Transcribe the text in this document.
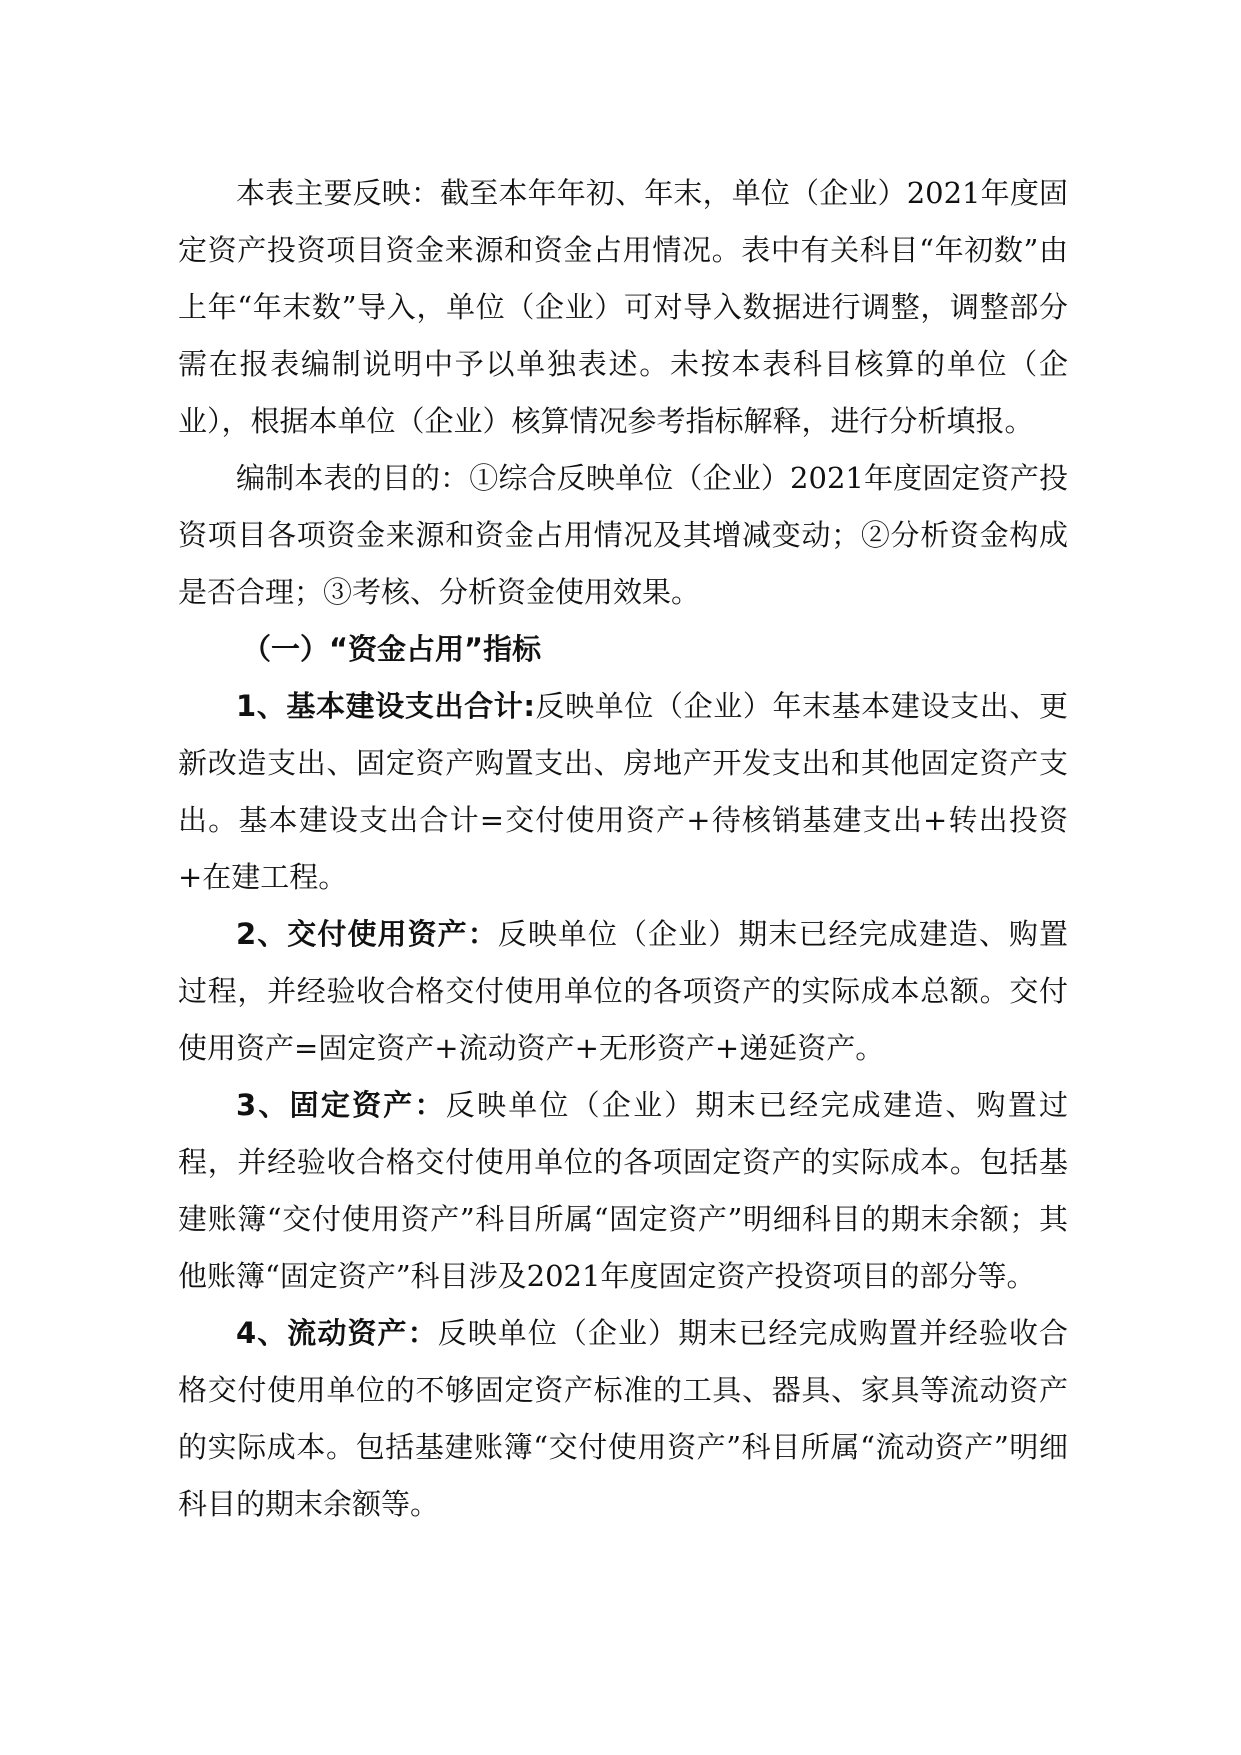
本表主要反映：截至本年年初、年末，单位（企业）2021年度固定资产投资项目资金来源和资金占用情况。表中有关科目“年初数”由上年“年末数”导入，单位（企业）可对导入数据进行调整，调整部分需在报表编制说明中予以单独表述。未按本表科目核算的单位（企业），根据本单位（企业）核算情况参考指标解释，进行分析填报。

编制本表的目的：①综合反映单位（企业）2021年度固定资产投资项目各项资金来源和资金占用情况及其增减变动；②分析资金构成是否合理；③考核、分析资金使用效果。

（一）“资金占用”指标

1、基本建设支出合计:反映单位（企业）年末基本建设支出、更新改造支出、固定资产购置支出、房地产开发支出和其他固定资产支出。基本建设支出合计=交付使用资产+待核销基建支出+转出投资+在建工程。

2、交付使用资产：反映单位（企业）期末已经完成建造、购置过程，并经验收合格交付使用单位的各项资产的实际成本总额。交付使用资产=固定资产+流动资产+无形资产+递延资产。

3、固定资产：反映单位（企业）期末已经完成建造、购置过程，并经验收合格交付使用单位的各项固定资产的实际成本。包括基建账簿“交付使用资产”科目所属“固定资产”明细科目的期末余额；其他账簿“固定资产”科目涉及2021年度固定资产投资项目的部分等。

4、流动资产：反映单位（企业）期末已经完成购置并经验收合格交付使用单位的不够固定资产标准的工具、器具、家具等流动资产的实际成本。包括基建账簿“交付使用资产”科目所属“流动资产”明细科目的期末余额等。
